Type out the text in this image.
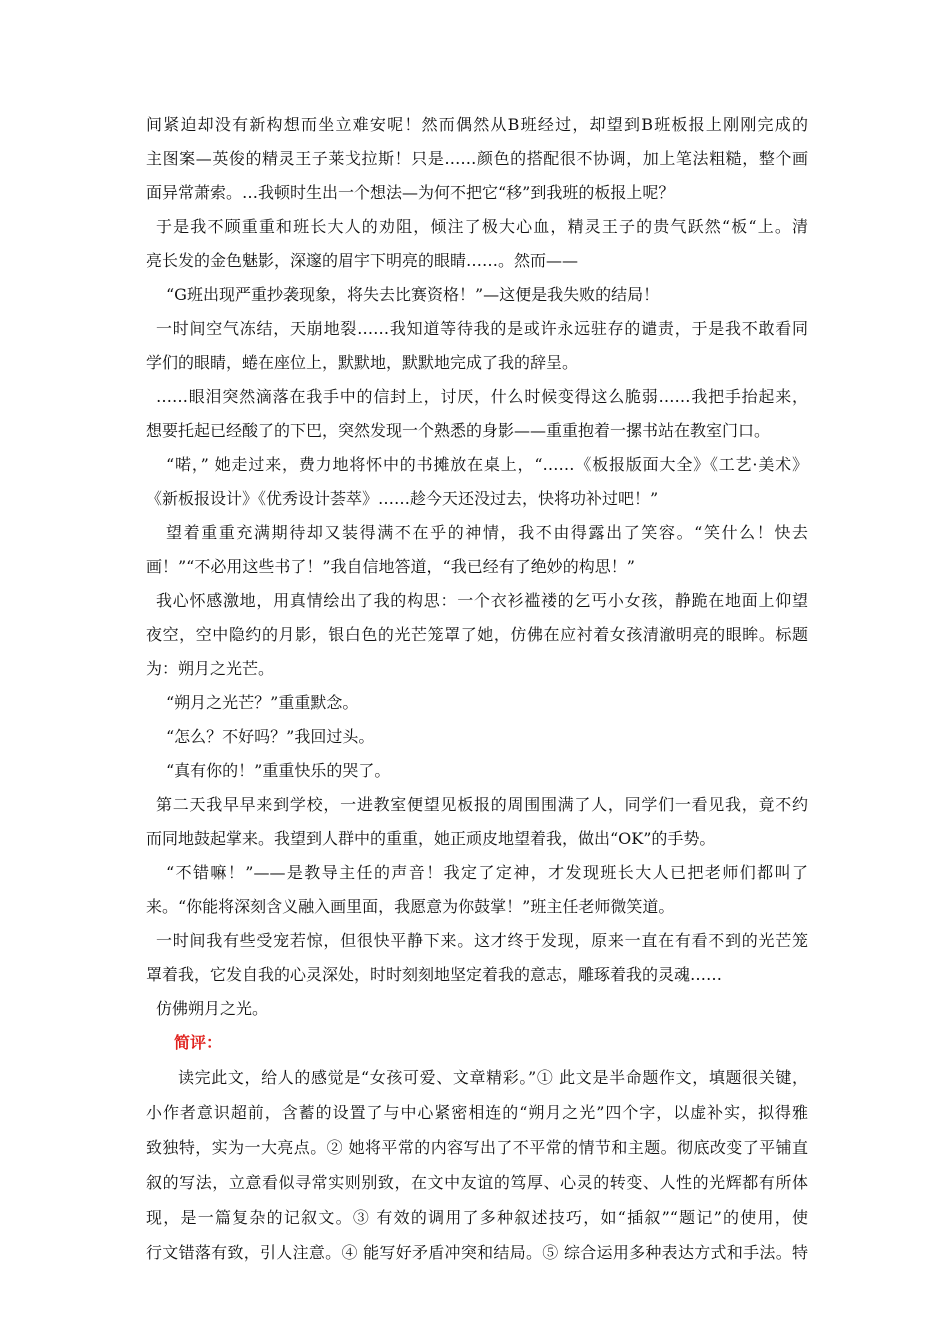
间紧迫却没有新构想而坐立难安呢！然而偶然从B班经过，却望到B班板报上刚刚完成的
主图案—英俊的精灵王子莱戈拉斯！只是……颜色的搭配很不协调，加上笔法粗糙，整个画
面异常萧索。…我顿时生出一个想法—为何不把它“移”到我班的板报上呢？
于是我不顾重重和班长大人的劝阻，倾注了极大心血，精灵王子的贵气跃然“板“上。清
亮长发的金色魅影，深邃的眉宇下明亮的眼睛……。然而——
“G班出现严重抄袭现象，将失去比赛资格！”—这便是我失败的结局！
一时间空气冻结，天崩地裂……我知道等待我的是或许永远驻存的谴责，于是我不敢看同
学们的眼睛，蜷在座位上，默默地，默默地完成了我的辞呈。
……眼泪突然滴落在我手中的信封上，讨厌，什么时候变得这么脆弱……我把手抬起来，
想要托起已经酸了的下巴，突然发现一个熟悉的身影——重重抱着一摞书站在教室门口。
“喏，” 她走过来，费力地将怀中的书摊放在桌上，“……《板报版面大全》《工艺·美术》
《新板报设计》《优秀设计荟萃》……趁今天还没过去，快将功补过吧！”
望着重重充满期待却又装得满不在乎的神情，我不由得露出了笑容。“笑什么！快去
画！”“不必用这些书了！”我自信地答道，“我已经有了绝妙的构思！”
我心怀感激地，用真情绘出了我的构思：一个衣衫褴褛的乞丐小女孩，静跪在地面上仰望
夜空，空中隐约的月影，银白色的光芒笼罩了她，仿佛在应衬着女孩清澈明亮的眼眸。标题
为：朔月之光芒。
“朔月之光芒？”重重默念。
“怎么？不好吗？”我回过头。
“真有你的！”重重快乐的哭了。
第二天我早早来到学校，一进教室便望见板报的周围围满了人，同学们一看见我，竟不约
而同地鼓起掌来。我望到人群中的重重，她正顽皮地望着我，做出“OK”的手势。
“不错嘛！”——是教导主任的声音！我定了定神，才发现班长大人已把老师们都叫了
来。“你能将深刻含义融入画里面，我愿意为你鼓掌！”班主任老师微笑道。
一时间我有些受宠若惊，但很快平静下来。这才终于发现，原来一直在有看不到的光芒笼
罩着我，它发自我的心灵深处，时时刻刻地坚定着我的意志，雕琢着我的灵魂……
仿佛朔月之光。
简评：
读完此文，给人的感觉是“女孩可爱、文章精彩。”① 此文是半命题作文，填题很关键，
小作者意识超前，含蓄的设置了与中心紧密相连的“朔月之光”四个字，以虚补实，拟得雅
致独特，实为一大亮点。② 她将平常的内容写出了不平常的情节和主题。彻底改变了平铺直
叙的写法，立意看似寻常实则别致，在文中友谊的笃厚、心灵的转变、人性的光辉都有所体
现，是一篇复杂的记叙文。③ 有效的调用了多种叙述技巧，如“插叙”“题记”的使用，使
行文错落有致，引人注意。④ 能写好矛盾冲突和结局。⑤ 综合运用多种表达方式和手法。特
